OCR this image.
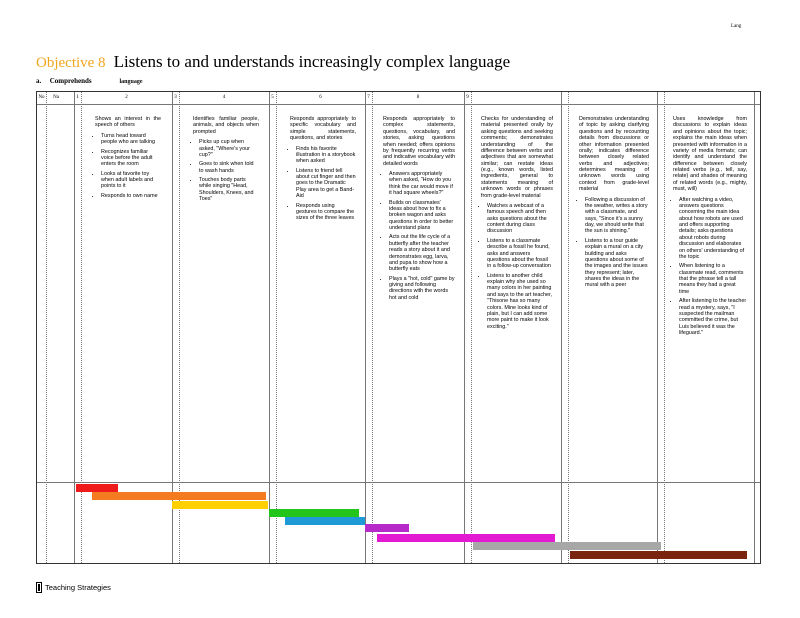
Lang
Objective 8 Listens to and understands increasingly complex language
a. Comprehends	language
No	Na	1	2	3	4	5	6	7	8	9

Shows an interest in the speech of others

• Turns head toward people who are talking
• Recognizes familiar voice before the adult enters the room
• Looks at favorite toy when adult labels and points to it
• Responds to own name

Identifies familiar people, animals, and objects when prompted

• Picks up cup when asked, "Where's your cup?"
• Goes to sink when told to wash hands
• Touches body parts while singing "Head, Shoulders, Knees, and Toes"

Responds appropriately to specific vocabulary and simple statements, questions, and stories

• Finds his favorite illustration in a storybook when asked
• Listens to friend tell about cut finger and then goes to the Dramatic Play area to get a Band-Aid
• Responds using gestures to compare the sizes of the three leaves

Responds appropriately to complex statements, questions, vocabulary, and stories, asking questions when needed; offers opinions by frequently recurring verbs and indicative vocabulary with detailed words

• Answers appropriately when asked, "How do you think the car would move if it had square wheels?"
• Builds on classmates' ideas about how to fix a broken wagon and asks questions in order to better understand plans
• Acts out the life cycle of a butterfly after the teacher reads a story about it and demonstrates egg, larva, and pupa to show how a butterfly eats
• Plays a "hot, cold" game by giving and following directions with the words hot and cold

Checks for understanding of material presented orally by asking questions and seeking comments; demonstrates understanding of the difference between verbs and adjectives that are somewhat similar; can restate ideas (e.g., known words, listed ingredients, general to statements meaning of unknown words or phrases from grade-level material

• Watches a webcast of a famous speech and then asks questions about the content during class discussion
• Listens to a classmate describe a fossil he found, asks and answers questions about the fossil in a follow-up conversation
• Listens to another child explain why she used so many colors in her painting and says to the art teacher, "Thisone has so many colors. Mine looks kind of plain, but I can add some more paint to make it look exciting."

Demonstrates understanding of topic by asking clarifying questions and by recounting details from discussions or other information presented orally; indicates difference between closely related verbs and adjectives; determines meaning of unknown words using context from grade-level material

• Following a discussion of the weather, writes a story with a classmate, and says, "Since it's a sunny day, we should write that the sun is shining."
• Listens to a tour guide explain a mural on a city building and asks questions about some of the images and the issues they represent; later, shares the ideas in the mural with a peer

Uses knowledge from discussions to explain ideas and opinions about the topic; explains the main ideas when presented with information in a variety of media formats; can identify and understand the difference between closely related verbs (e.g., tell, say, relate) and shades of meaning of related words (e.g., mighty, must, will)

• After watching a video, answers questions concerning the main idea about how robots are used and offers supporting details; asks questions about robots during discussion and elaborates on others' understanding of the topic
• When listening to a classmate read, comments that the phrase tell a tall means they had a great time
• After listening to the teacher read a mystery, says, "I suspected the mailman committed the crime, but Luis believed it was the lifeguard."
Teaching Strategies
